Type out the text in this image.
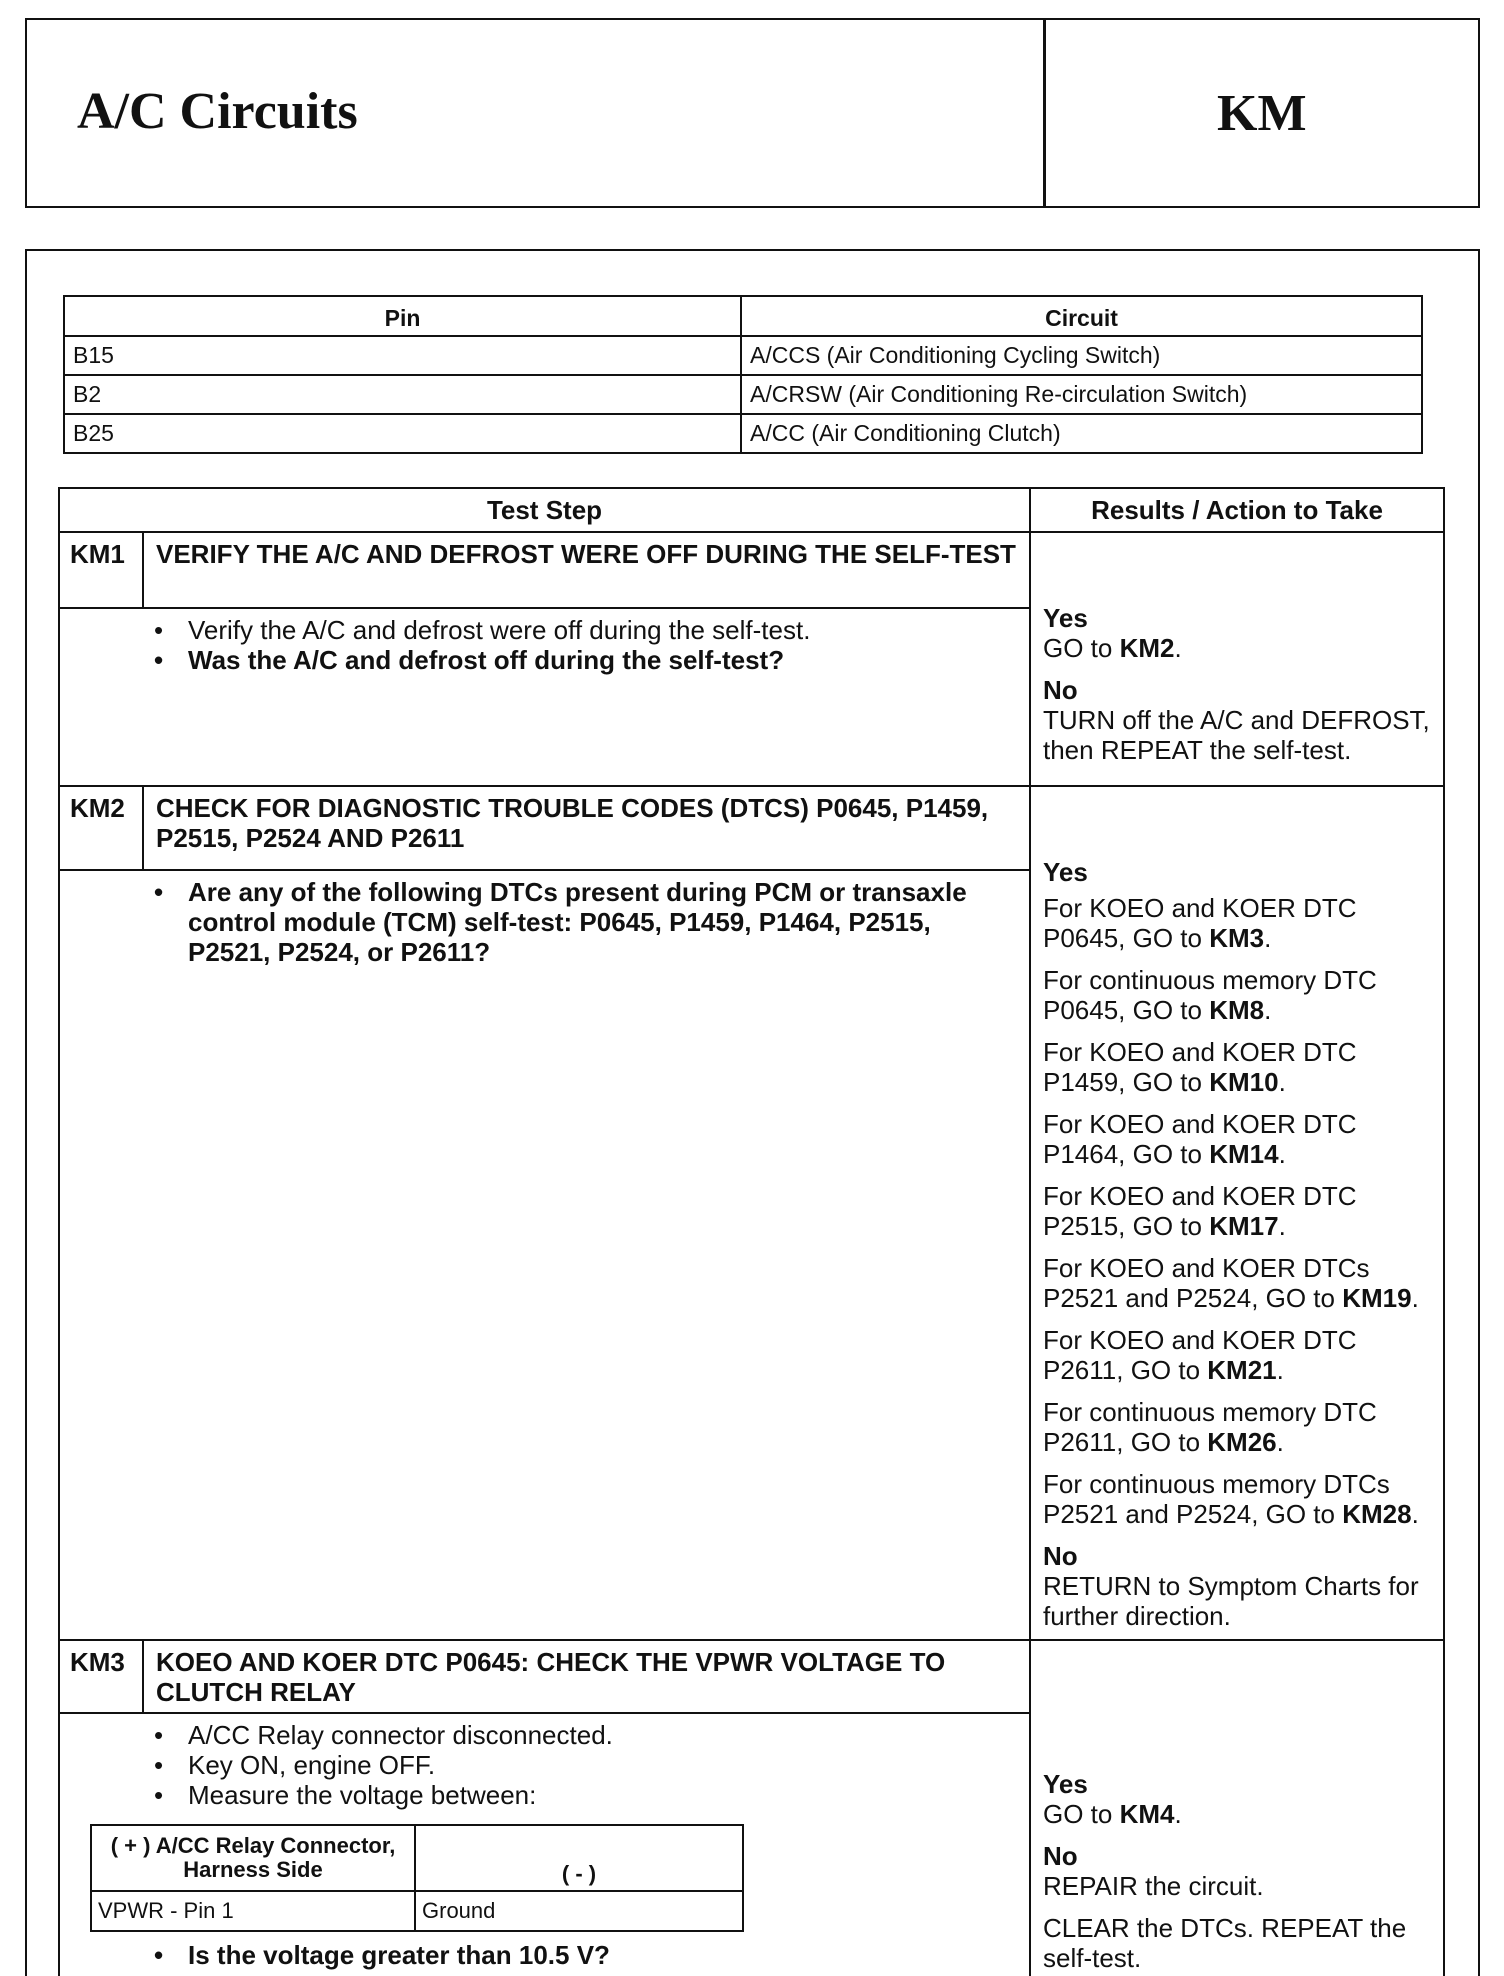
A/C Circuits	KM
Pin	Circuit
B15	A/CCS (Air Conditioning Cycling Switch)
B2	A/CRSW (Air Conditioning Re-circulation Switch)
B25	A/CC (Air Conditioning Clutch)
Test Step	Results / Action to Take
KM1	VERIFY THE A/C AND DEFROST WERE OFF DURING THE SELF-TEST	
Yes
GO to KM2.
No
TURN off the A/C and DEFROST, then REPEAT the self-test.

• Verify the A/C and defrost were off during the self-test.
• Was the A/C and defrost off during the self-test?

KM2	CHECK FOR DIAGNOSTIC TROUBLE CODES (DTCS) P0645, P1459, P2515, P2524 AND P2611	
Yes
For KOEO and KOER DTC P0645, GO to KM3.
For continuous memory DTC P0645, GO to KM8.
For KOEO and KOER DTC P1459, GO to KM10.
For KOEO and KOER DTC P1464, GO to KM14.
For KOEO and KOER DTC P2515, GO to KM17.
For KOEO and KOER DTCs P2521 and P2524, GO to KM19.
For KOEO and KOER DTC P2611, GO to KM21.
For continuous memory DTC P2611, GO to KM26.
For continuous memory DTCs P2521 and P2524, GO to KM28.
No
RETURN to Symptom Charts for further direction.

• Are any of the following DTCs present during PCM or transaxle control module (TCM) self-test: P0645, P1459, P1464, P2515, P2521, P2524, or P2611?

KM3	KOEO AND KOER DTC P0645: CHECK THE VPWR VOLTAGE TO CLUTCH RELAY	
Yes
GO to KM4.
No
REPAIR the circuit.
CLEAR the DTCs. REPEAT the self-test.

• A/CC Relay connector disconnected.
• Key ON, engine OFF.
• Measure the voltage between:
( + ) A/CC Relay Connector, Harness Side	( - )
VPWR - Pin 1	Ground
• Is the voltage greater than 10.5 V?
